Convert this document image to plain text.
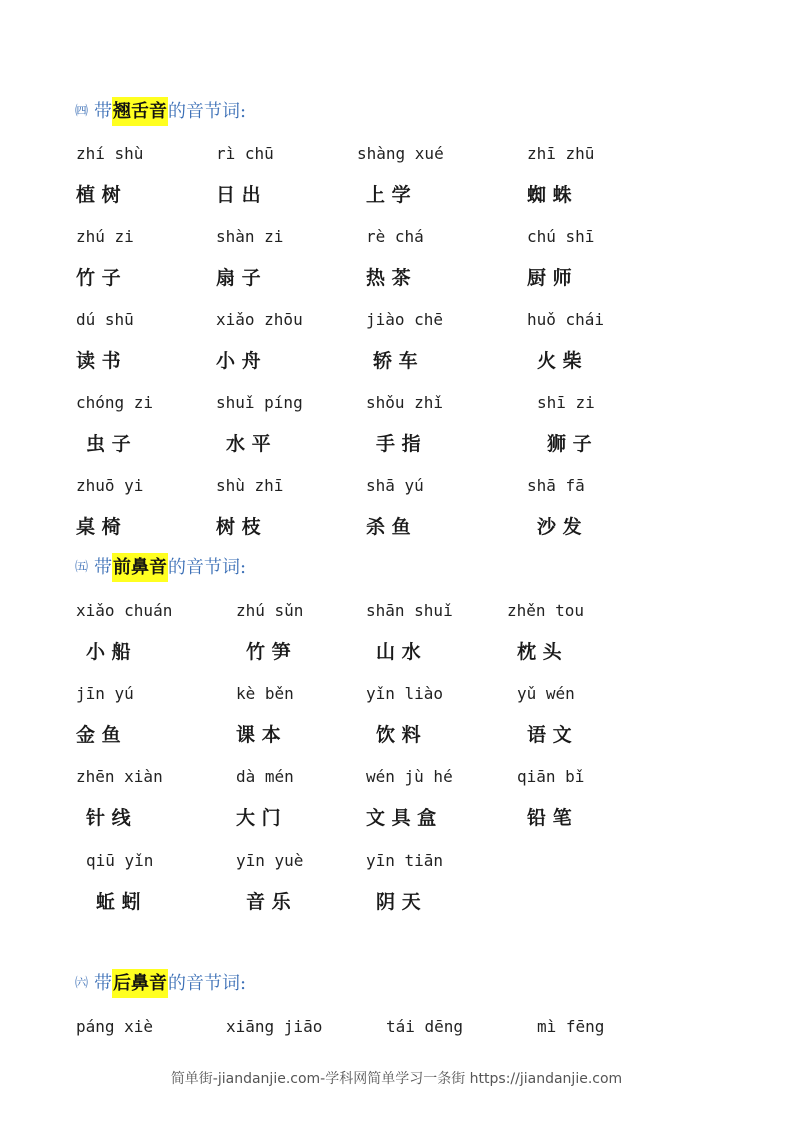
㈣ 带翘舌音的音节词:
zhí shù	rì chū	shàng xué	zhī zhū
植 树	日 出	上 学	蜘 蛛
zhú zi	shàn zi	rè chá	chú shī
竹 子	扇 子	热 茶	厨 师
dú shū	xiǎo zhōu	jiào chē	huǒ chái
读 书	小 舟	轿 车	火 柴
chóng zi	shuǐ píng	shǒu zhǐ	shī zi
虫 子	水 平	手 指	狮 子
zhuō yi	shù zhī	shā yú	shā fā
桌 椅	树 枝	杀 鱼	沙 发
㈤ 带前鼻音的音节词:
xiǎo chuán	zhú sǔn	shān shuǐ	zhěn tou
小 船	竹 笋	山 水	枕 头
jīn yú	kè běn	yǐn liào	yǔ wén
金 鱼	课 本	饮 料	语 文
zhēn xiàn	dà mén	wén jù hé	qiān bǐ
针 线	大 门	文 具 盒	铅 笔
qiū yǐn	yīn yuè	yīn tiān
蚯 蚓	音 乐	阴 天
㈥ 带后鼻音的音节词:
páng xiè	xiāng jiāo	tái dēng	mì fēng
简单街-jiandanjie.com-学科网简单学习一条街 https://jiandanjie.com
